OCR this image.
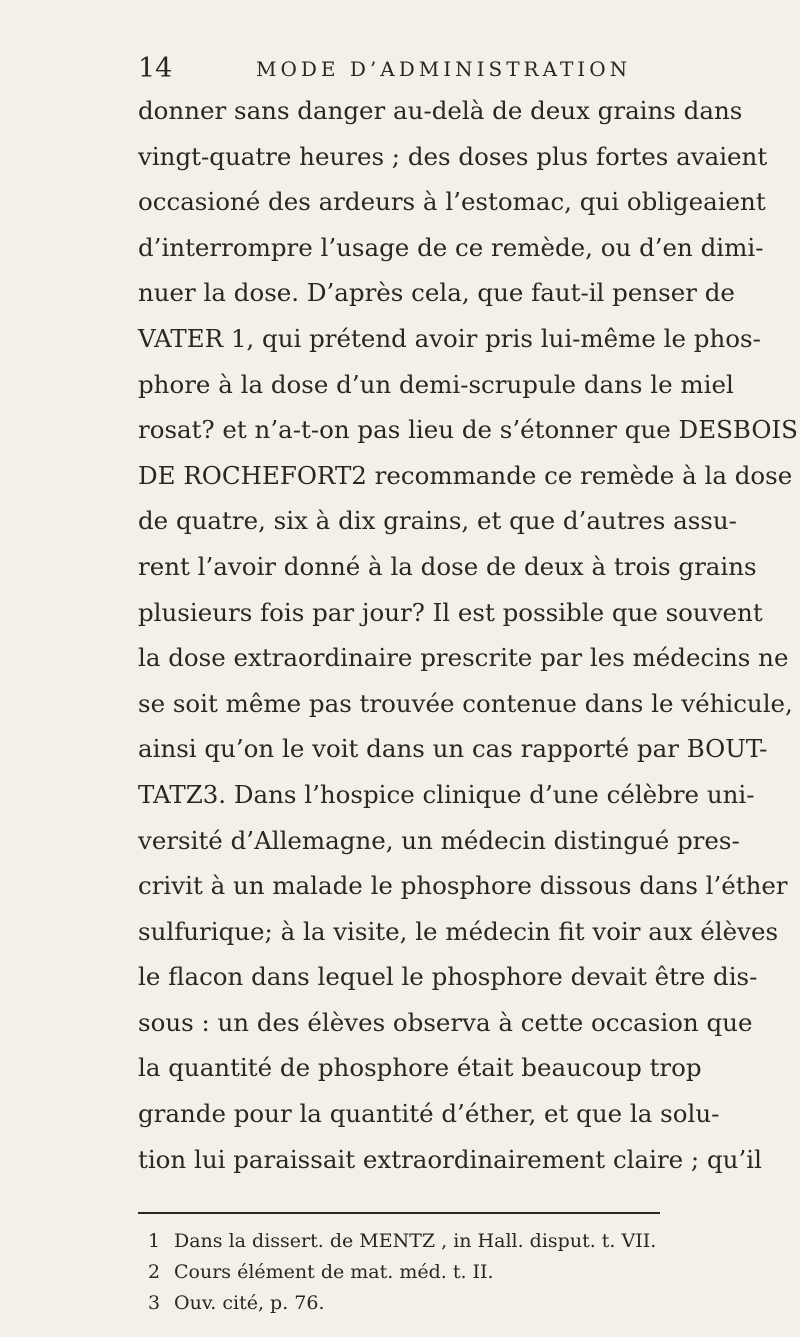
14	MODE D’ADMINISTRATION
donner sans danger au-delà de deux grains dans
vingt-quatre heures ; des doses plus fortes avaient
occasioné des ardeurs à l’estomac, qui obligeaient
d’interrompre l’usage de ce remède, ou d’en dimi-
nuer la dose. D’après cela, que faut-il penser de
VATER 1, qui prétend avoir pris lui-même le phos-
phore à la dose d’un demi-scrupule dans le miel
rosat? et n’a-t-on pas lieu de s’étonner que DESBOIS
DE ROCHEFORT2 recommande ce remède à la dose
de quatre, six à dix grains, et que d’autres assu-
rent l’avoir donné à la dose de deux à trois grains
plusieurs fois par jour? Il est possible que souvent
la dose extraordinaire prescrite par les médecins ne
se soit même pas trouvée contenue dans le véhicule,
ainsi qu’on le voit dans un cas rapporté par BOUT-
TATZ3. Dans l’hospice clinique d’une célèbre uni-
versité d’Allemagne, un médecin distingué pres-
crivit à un malade le phosphore dissous dans l’éther
sulfurique; à la visite, le médecin fit voir aux élèves
le flacon dans lequel le phosphore devait être dis-
sous : un des élèves observa à cette occasion que
la quantité de phosphore était beaucoup trop
grande pour la quantité d’éther, et que la solu-
tion lui paraissait extraordinairement claire ; qu’il
1 Dans la dissert. de MENTZ , in Hall. disput. t. VII.
2 Cours élément de mat. méd. t. II.
3 Ouv. cité, p. 76.
